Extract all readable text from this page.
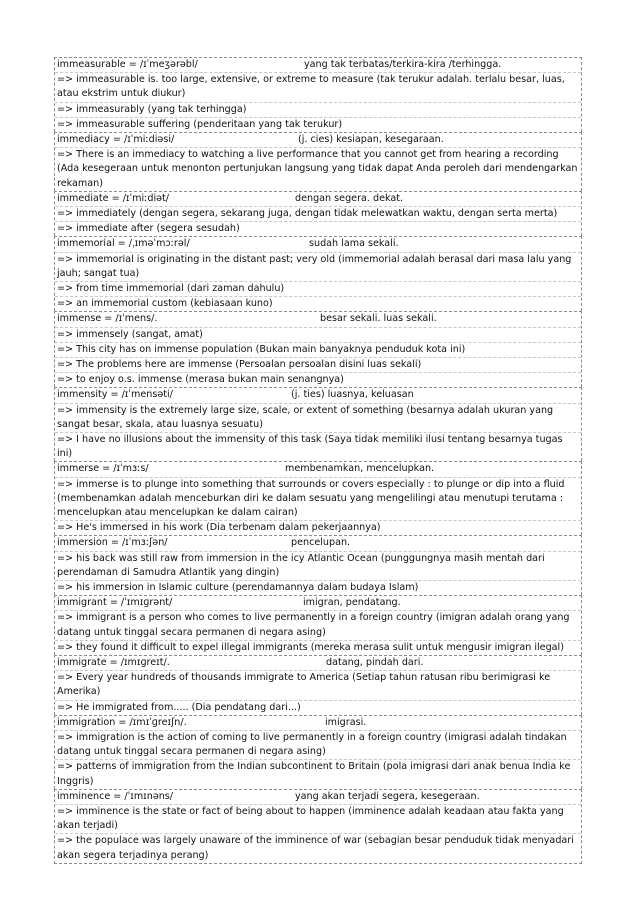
immeasurable = /ɪˈmeʒərəbl/	yang tak terbatas/terkira-kira /terhingga.
=> immeasurable is. too large, extensive, or extreme to measure (tak terukur adalah. terlalu besar, luas, atau ekstrim untuk diukur)
=> immeasurably (yang tak terhingga)
=> immeasurable suffering (penderitaan yang tak terukur)
immediacy = /ɪˈmiːdiəsi/	(j. cies) kesiapan, kesegaraan.
=> There is an immediacy to watching a live performance that you cannot get from hearing a recording (Ada kesegeraan untuk menonton pertunjukan langsung yang tidak dapat Anda peroleh dari mendengarkan rekaman)
immediate = /ɪˈmiːdiət/	dengan segera. dekat.
=> immediately (dengan segera, sekarang juga, dengan tidak melewatkan waktu, dengan serta merta)
=> immediate after (segera sesudah)
immemorial = /ˌɪməˈmɔːrəl/	sudah lama sekali.
=> immemorial is originating in the distant past; very old (immemorial adalah berasal dari masa lalu yang jauh; sangat tua)
=> from time immemorial (dari zaman dahulu)
=> an immemorial custom (kebiasaan kuno)
immense = /ɪˈmens/.	besar sekali. luas sekali.
=> immensely (sangat, amat)
=> This city has on immense population (Bukan main banyaknya penduduk kota ini)
=> The problems here are immense (Persoalan persoalan disini luas sekali)
=> to enjoy o.s. immense (merasa bukan main senangnya)
immensity = /ɪˈmensəti/	(j. ties) luasnya, keluasan
=> immensity is the extremely large size, scale, or extent of something (besarnya adalah ukuran yang sangat besar, skala, atau luasnya sesuatu)
=> I have no illusions about the immensity of this task (Saya tidak memiliki ilusi tentang besarnya tugas ini)
immerse = /ɪˈmɜːs/	membenamkan, mencelupkan.
=> immerse is to plunge into something that surrounds or covers especially : to plunge or dip into a fluid (membenamkan adalah menceburkan diri ke dalam sesuatu yang mengelilingi atau menutupi terutama : mencelupkan atau mencelupkan ke dalam cairan)
=> He's immersed in his work (Dia terbenam dalam pekerjaannya)
immersion = /ɪˈmɜːʃən/	pencelupan.
=> his back was still raw from immersion in the icy Atlantic Ocean (punggungnya masih mentah dari perendaman di Samudra Atlantik yang dingin)
=> his immersion in Islamic culture (perendamannya dalam budaya Islam)
immigrant = /ˈɪmɪɡrənt/	imigran, pendatang.
=> immigrant is a person who comes to live permanently in a foreign country (imigran adalah orang yang datang untuk tinggal secara permanen di negara asing)
=> they found it difficult to expel illegal immigrants (mereka merasa sulit untuk mengusir imigran ilegal)
immigrate = /ɪmɪɡreɪt/.	datang, pindah dari.
=> Every year hundreds of thousands immigrate to America (Setiap tahun ratusan ribu berimigrasi ke Amerika)
=> He immigrated from..... (Dia pendatang dari...)
immigration = /ɪmɪˈɡreɪʃn/.	imigrasi.
=> immigration is the action of coming to live permanently in a foreign country (imigrasi adalah tindakan datang untuk tinggal secara permanen di negara asing)
=> patterns of immigration from the Indian subcontinent to Britain (pola imigrasi dari anak benua India ke Inggris)
imminence = /ˈɪmɪnəns/	yang akan terjadi segera, kesegeraan.
=> imminence is the state or fact of being about to happen (imminence adalah keadaan atau fakta yang akan terjadi)
=> the populace was largely unaware of the imminence of war (sebagian besar penduduk tidak menyadari akan segera terjadinya perang)
